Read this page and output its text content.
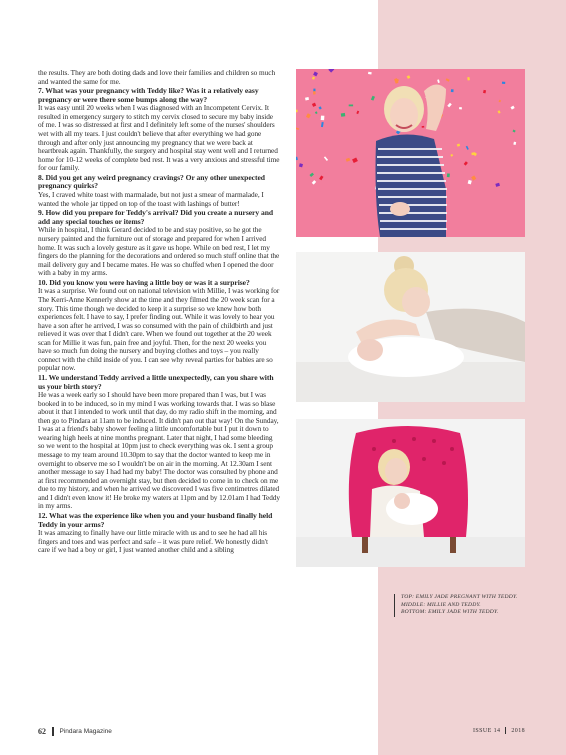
the results. They are both doting dads and love their families and children so much and wanted the same for me.

7. What was your pregnancy with Teddy like? Was it a relatively easy pregnancy or were there some bumps along the way?

It was easy until 20 weeks when I was diagnosed with an Incompetent Cervix. It resulted in emergency surgery to stitch my cervix closed to secure my baby inside of me. I was so distressed at first and I definitely left some of the nurses' shoulders wet with all my tears. I just couldn't believe that after everything we had gone through and after only just announcing my pregnancy that we were back at heartbreak again. Thankfully, the surgery and hospital stay went well and I returned home for 10-12 weeks of complete bed rest. It was a very anxious and stressful time for our family.

8. Did you get any weird pregnancy cravings? Or any other unexpected pregnancy quirks?

Yes, I craved white toast with marmalade, but not just a smear of marmalade, I wanted the whole jar tipped on top of the toast with lashings of butter!

9. How did you prepare for Teddy's arrival? Did you create a nursery and add any special touches or items?

While in hospital, I think Gerard decided to be and stay positive, so he got the nursery painted and the furniture out of storage and prepared for when I arrived home. It was such a lovely gesture as it gave us hope. While on bed rest, I let my fingers do the planning for the decorations and ordered so much stuff online that the mail delivery guy and I became mates. He was so chuffed when I opened the door with a baby in my arms.

10. Did you know you were having a little boy or was it a surprise?

It was a surprise. We found out on national television with Millie, I was working for The Kerri-Anne Kennerly show at the time and they filmed the 20 week scan for a story. This time though we decided to keep it a surprise so we knew how both experiences felt. I have to say, I prefer finding out. While it was lovely to hear you have a son after he arrived, I was so consumed with the pain of childbirth and just relieved it was over that I didn't care. When we found out together at the 20 week scan for Millie it was fun, pain free and joyful. Then, for the next 20 weeks you have so much fun doing the nursery and buying clothes and toys – you really connect with the child inside of you. I can see why reveal parties for babies are so popular now.

11. We understand Teddy arrived a little unexpectedly, can you share with us your birth story?

He was a week early so I should have been more prepared than I was, but I was booked in to be induced, so in my mind I was working towards that. I was so blase about it that I intended to work until that day, do my radio shift in the morning, and then go to Pindara at 11am to be induced. It didn't pan out that way! On the Sunday, I was at a friend's baby shower feeling a little uncomfortable but I put it down to wearing high heels at nine months pregnant. Later that night, I had some bleeding so we went to the hospital at 10pm just to check everything was ok. I sent a group message to my team around 10.30pm to say that the doctor wanted to keep me in overnight to observe me so I wouldn't be on air in the morning. At 12.30am I sent another message to say I had had my baby! The doctor was consulted by phone and at first recommended an overnight stay, but then decided to come in to check on me due to my history, and when he arrived we discovered I was five centimetres dilated and I didn't even know it! He broke my waters at 11pm and by 12.01am I had Teddy in my arms.

12. What was the experience like when you and your husband finally held Teddy in your arms?

It was amazing to finally have our little miracle with us and to see he had all his fingers and toes and was perfect and safe – it was pure relief. We honestly didn't care if we had a boy or girl, I just wanted another child and a sibling

TOP: EMILY JADE PREGNANT WITH TEDDY.
MIDDLE: MILLIE AND TEDDY.
BOTTOM: EMILY JADE WITH TEDDY.
62 Pindara Magazine	ISSUE 14 2018
